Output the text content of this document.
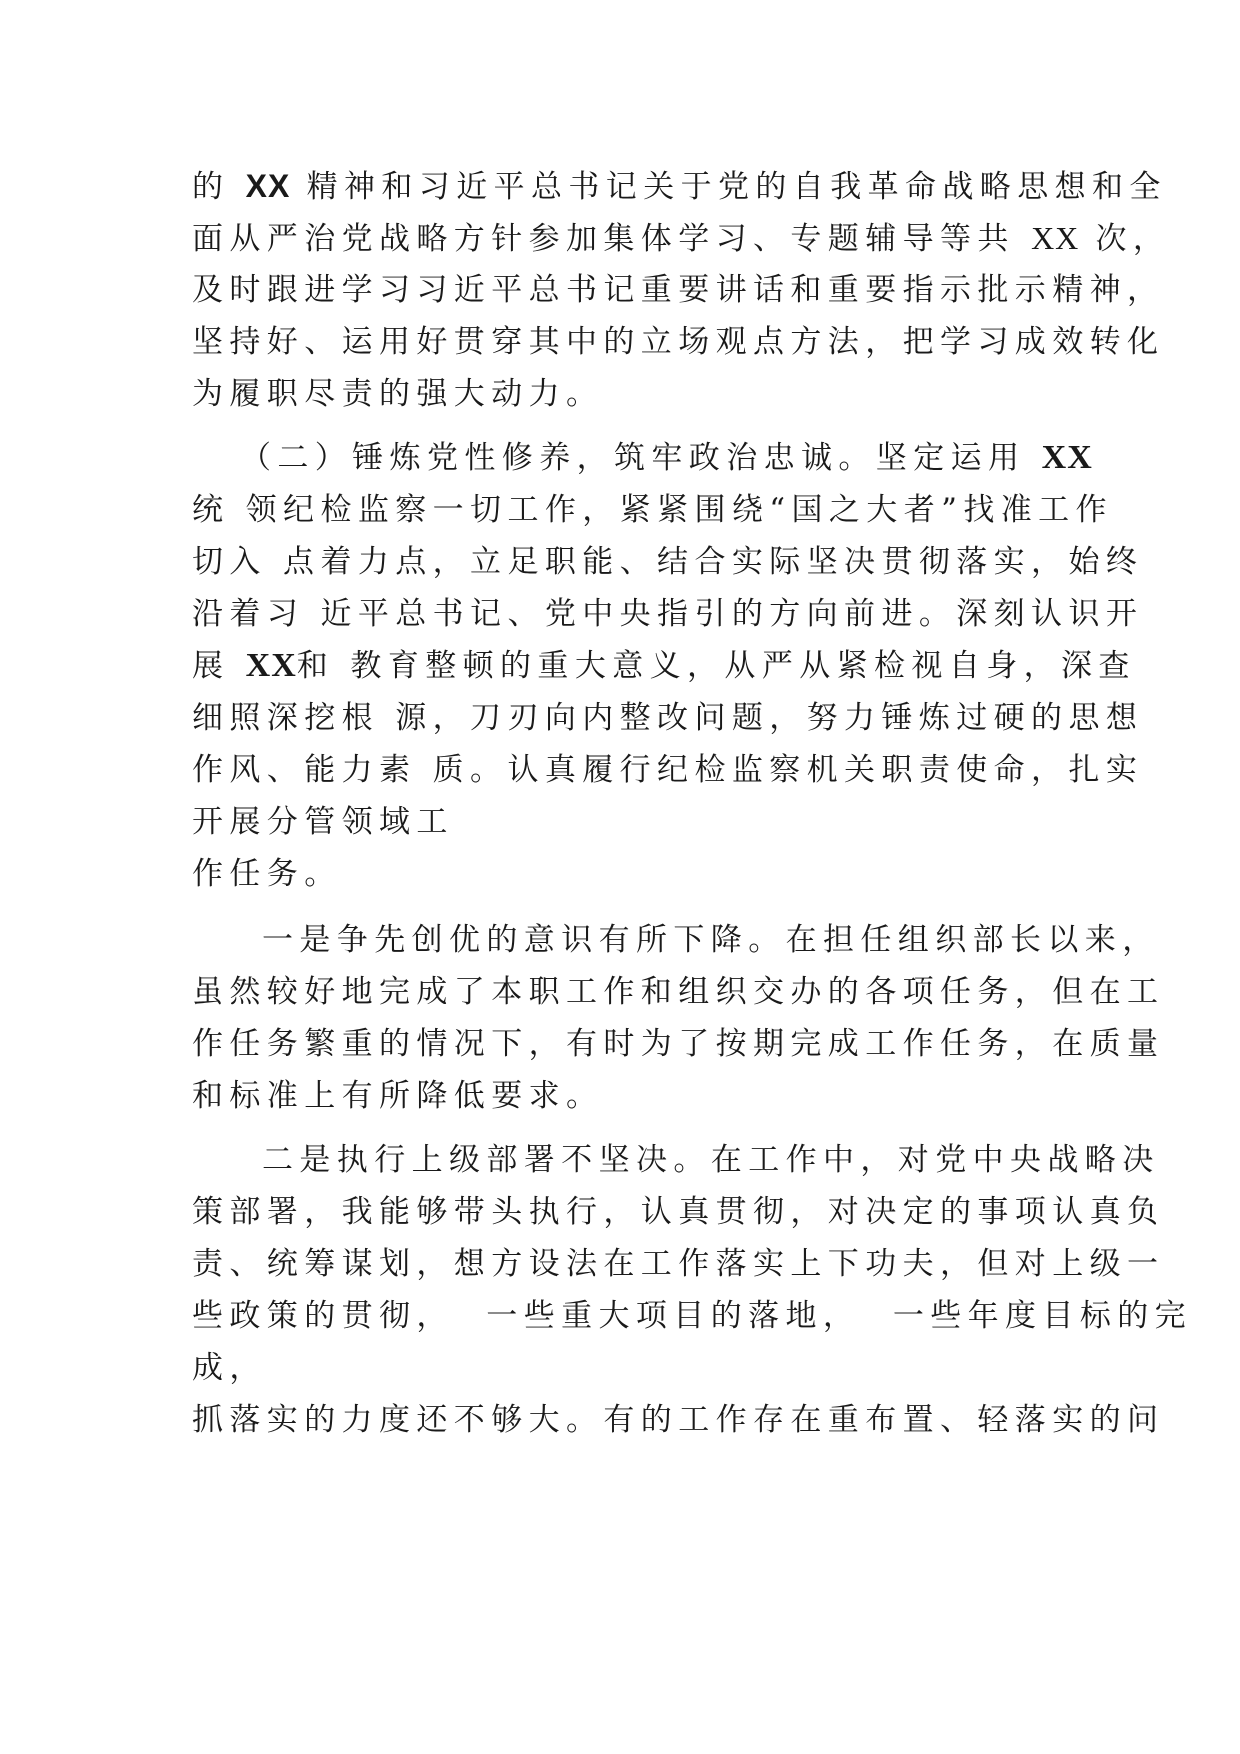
的 XX 精神和习近平总书记关于党的自我革命战略思想和全
面从严治党战略方针参加集体学习、专题辅导等共 XX 次，
及时跟进学习习近平总书记重要讲话和重要指示批示精神，
坚持好、运用好贯穿其中的立场观点方法，把学习成效转化
为履职尽责的强大动力。
（二）锤炼党性修养，筑牢政治忠诚。坚定运用 XX
统 领纪检监察一切工作，紧紧围绕“国之大者”找准工作
切入 点着力点，立足职能、结合实际坚决贯彻落实，始终
沿着习 近平总书记、党中央指引的方向前进。深刻认识开
展 XX和 教育整顿的重大意义，从严从紧检视自身，深查
细照深挖根 源，刀刃向内整改问题，努力锤炼过硬的思想
作风、能力素 质。认真履行纪检监察机关职责使命，扎实
开展分管领域工
作任务。
一是争先创优的意识有所下降。在担任组织部长以来，
虽然较好地完成了本职工作和组织交办的各项任务，但在工
作任务繁重的情况下，有时为了按期完成工作任务，在质量
和标准上有所降低要求。
二是执行上级部署不坚决。在工作中，对党中央战略决
策部署，我能够带头执行，认真贯彻，对决定的事项认真负
责、统筹谋划，想方设法在工作落实上下功夫，但对上级一
些政策的贯彻，  一些重大项目的落地，  一些年度目标的完
成，
抓落实的力度还不够大。有的工作存在重布置、轻落实的问
